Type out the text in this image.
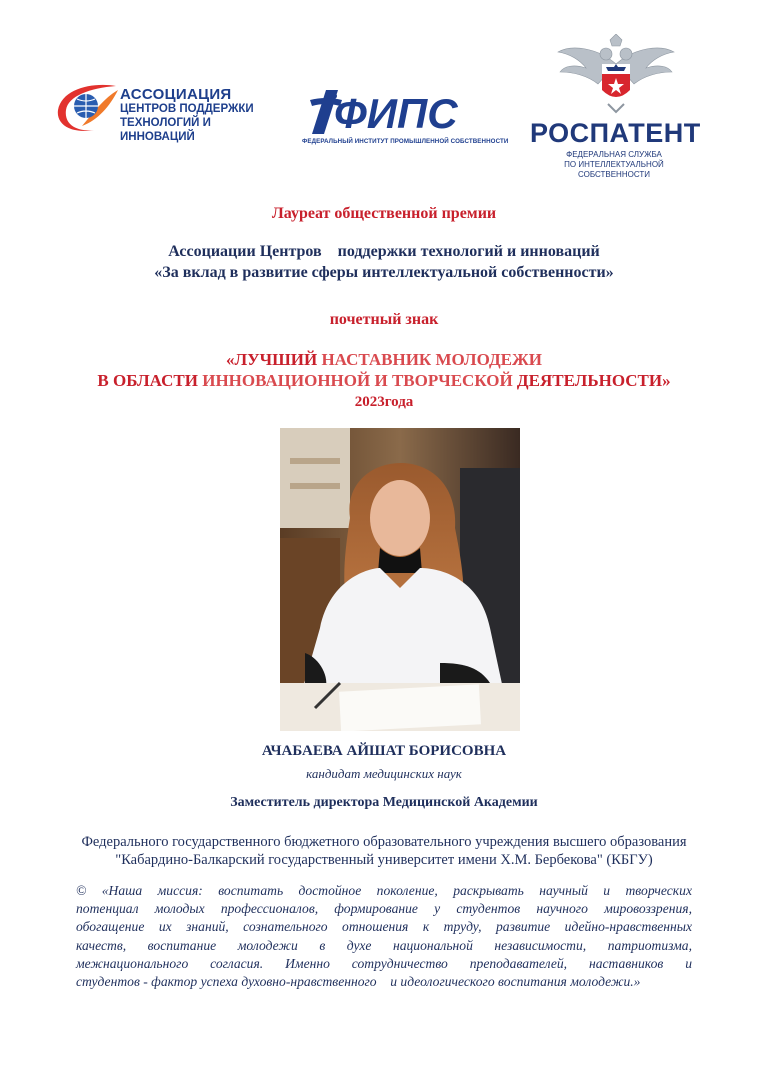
АССОЦИАЦИЯ
ЦЕНТРОВ ПОДДЕРЖКИ
ТЕХНОЛОГИЙ И ИННОВАЦИЙ	ФИПС
ФЕДЕРАЛЬНЫЙ ИНСТИТУТ ПРОМЫШЛЕННОЙ СОБСТВЕННОСТИ РОСПАТЕНТ
ФЕДЕРАЛЬНАЯ СЛУЖБА
ПО ИНТЕЛЛЕКТУАЛЬНОЙ СОБСТВЕННОСТИ
Лауреат общественной премии
Ассоциации Центров    поддержки технологий и инноваций
«За вклад в развитие сферы интеллектуальной собственности»
почетный знак
«ЛУЧШИЙ НАСТАВНИК МОЛОДЕЖИ
В ОБЛАСТИ ИННОВАЦИОННОЙ И ТВОРЧЕСКОЙ ДЕЯТЕЛЬНОСТИ»
2023года
АЧАБАЕВА АЙШАТ БОРИСОВНА
кандидат медицинских наук
Заместитель директора Медицинской Академии
Федерального государственного бюджетного образовательного учреждения высшего образования
"Кабардино-Балкарский государственный университет имени Х.М. Бербекова" (КБГУ)
© «Наша миссия: воспитать достойное поколение, раскрывать научный и творческих
потенциал молодых профессионалов, формирование у студентов научного мировоззрения,
обогащение их знаний, сознательного отношения к труду, развитие идейно-нравственных
качеств, воспитание молодежи в духе национальной независимости, патриотизма,
межнационального согласия. Именно сотрудничество преподавателей, наставников и
студентов - фактор успеха духовно-нравственного    и идеологического воспитания молодежи.»
